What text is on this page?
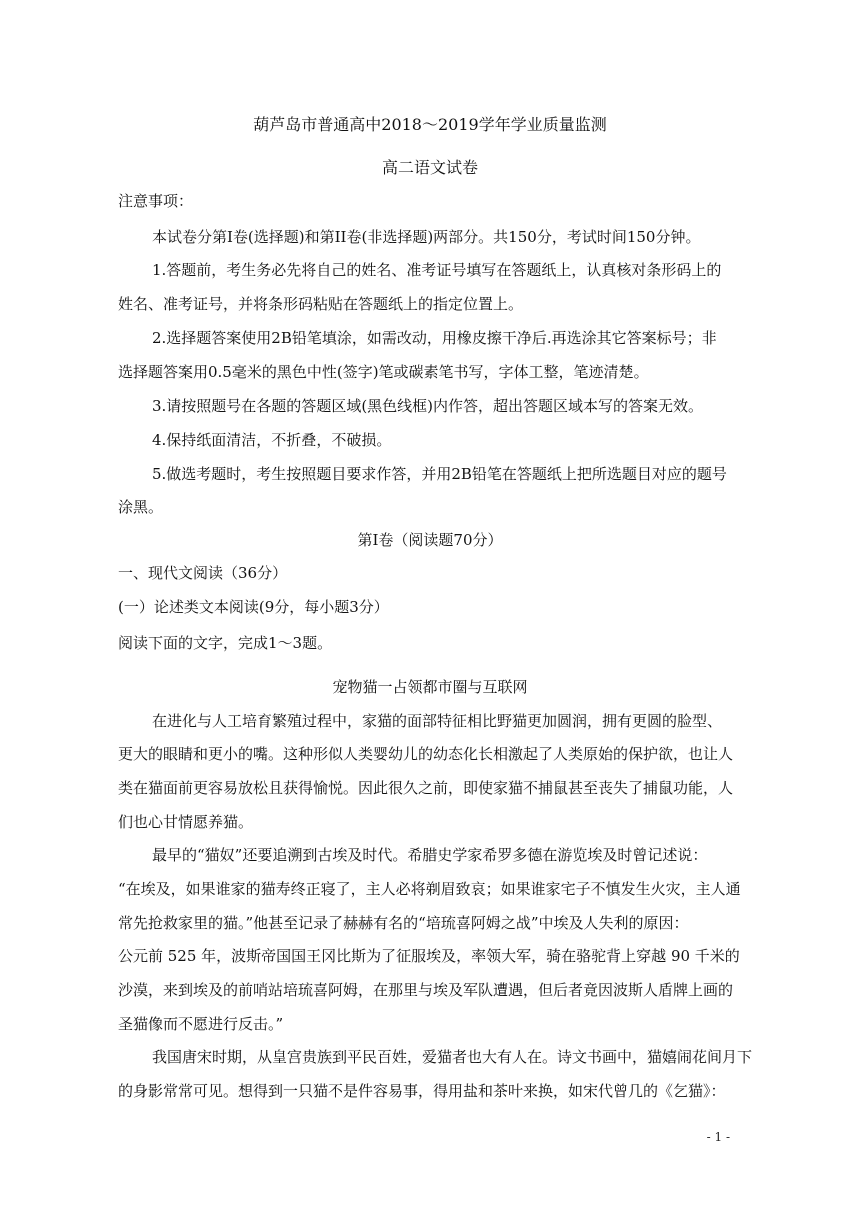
葫芦岛市普通高中2018～2019学年学业质量监测
高二语文试卷
注意事项：
本试卷分第I卷(选择题)和第II卷(非选择题)两部分。共150分，考试时间150分钟。
1.答题前，考生务必先将自己的姓名、准考证号填写在答题纸上，认真核对条形码上的
姓名、准考证号，并将条形码粘贴在答题纸上的指定位置上。
2.选择题答案使用2B铅笔填涂，如需改动，用橡皮擦干净后.再选涂其它答案标号；非
选择题答案用0.5毫米的黑色中性(签字)笔或碳素笔书写，字体工整，笔迹清楚。
3.请按照题号在各题的答题区域(黑色线框)内作答，超出答题区域本写的答案无效。
4.保持纸面清洁，不折叠，不破损。
5.做选考题时，考生按照题目要求作答，并用2B铅笔在答题纸上把所选题目对应的题号
涂黑。
第I卷（阅读题70分）
一、现代文阅读（36分）
(一）论述类文本阅读(9分，每小题3分）
阅读下面的文字，完成1～3题。
宠物猫一占领都市圈与互联网
在进化与人工培育繁殖过程中，家猫的面部特征相比野猫更加圆润，拥有更圆的脸型、
更大的眼睛和更小的嘴。这种形似人类婴幼儿的幼态化长相激起了人类原始的保护欲，也让人
类在猫面前更容易放松且获得愉悦。因此很久之前，即使家猫不捕鼠甚至丧失了捕鼠功能，人
们也心甘情愿养猫。
最早的“猫奴”还要追溯到古埃及时代。希腊史学家希罗多德在游览埃及时曾记述说：
“在埃及，如果谁家的猫寿终正寝了，主人必将剃眉致哀；如果谁家宅子不慎发生火灾，主人通
常先抢救家里的猫。”他甚至记录了赫赫有名的“培琉喜阿姆之战”中埃及人失利的原因：
公元前 525 年，波斯帝国国王冈比斯为了征服埃及，率领大军，骑在骆驼背上穿越 90 千米的
沙漠，来到埃及的前哨站培琉喜阿姆，在那里与埃及军队遭遇，但后者竟因波斯人盾牌上画的
圣猫像而不愿进行反击。”
我国唐宋时期，从皇宫贵族到平民百姓，爱猫者也大有人在。诗文书画中，猫嬉闹花间月下
的身影常常可见。想得到一只猫不是件容易事，得用盐和茶叶来换，如宋代曾几的《乞猫》：
- 1 -
